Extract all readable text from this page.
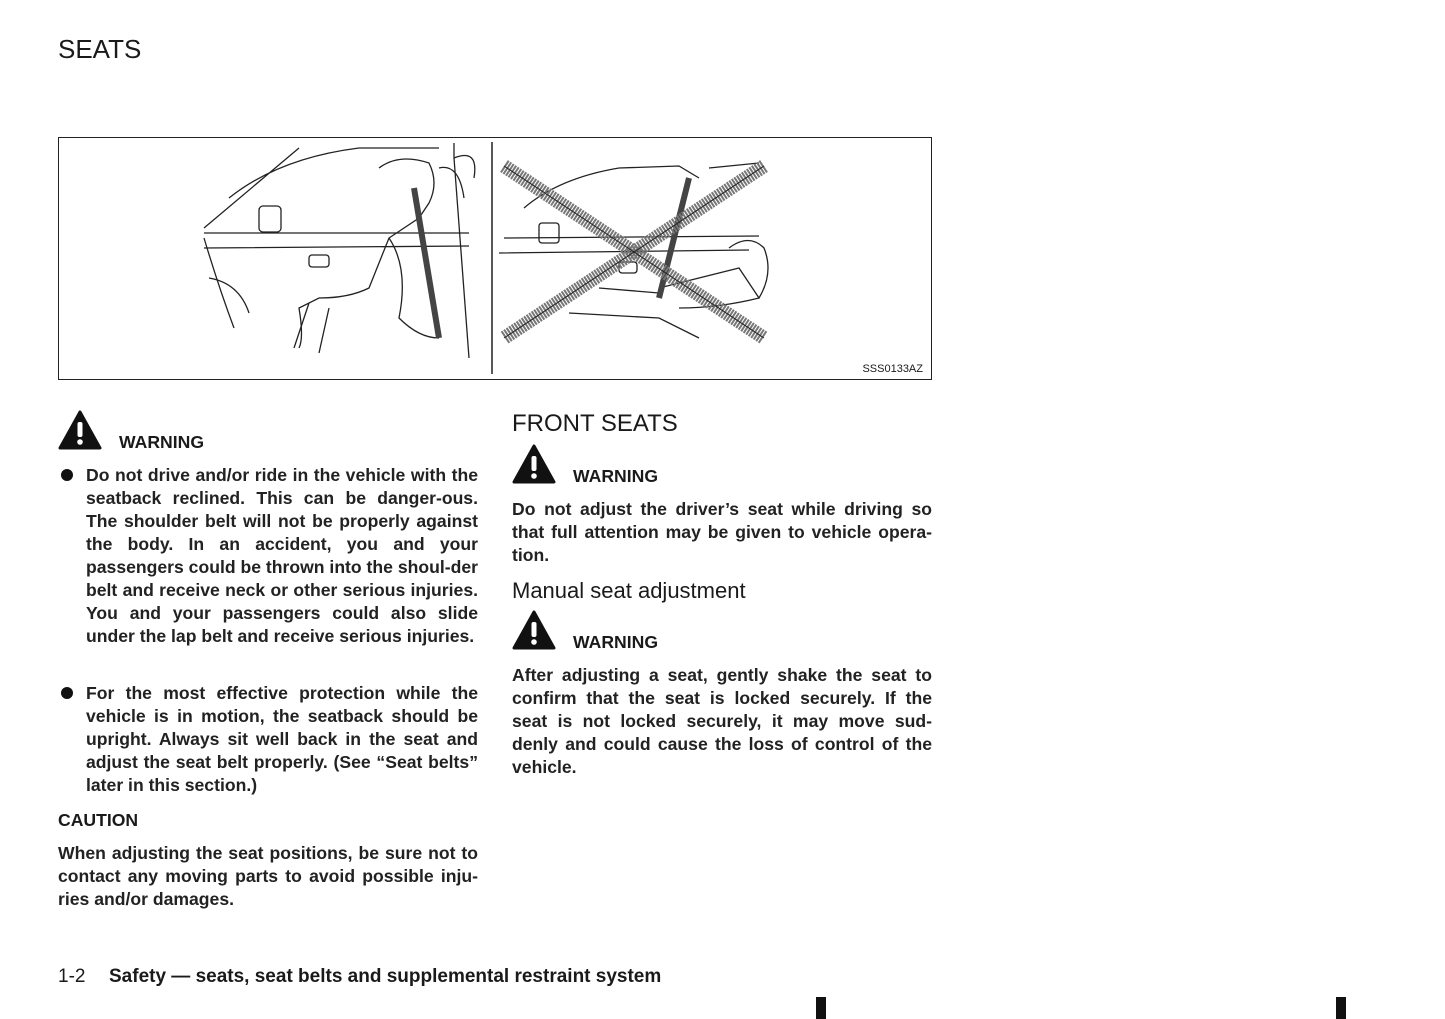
SEATS
SSS0133AZ
WARNING
Do not drive and/or ride in the vehicle with the seatback reclined. This can be danger-ous. The shoulder belt will not be properly against the body. In an accident, you and your passengers could be thrown into the shoul-der belt and receive neck or other serious injuries. You and your passengers could also slide under the lap belt and receive serious injuries.
For the most effective protection while the vehicle is in motion, the seatback should be upright. Always sit well back in the seat and adjust the seat belt properly. (See “Seat belts” later in this section.)
CAUTION
When adjusting the seat positions, be sure not to contact any moving parts to avoid possible inju-ries and/or damages.
FRONT SEATS
WARNING
Do not adjust the driver’s seat while driving so that full attention may be given to vehicle opera-tion.
Manual seat adjustment
WARNING
After adjusting a seat, gently shake the seat to confirm that the seat is locked securely. If the seat is not locked securely, it may move sud-denly and could cause the loss of control of the vehicle.
1-2 Safety — seats, seat belts and supplemental restraint system
